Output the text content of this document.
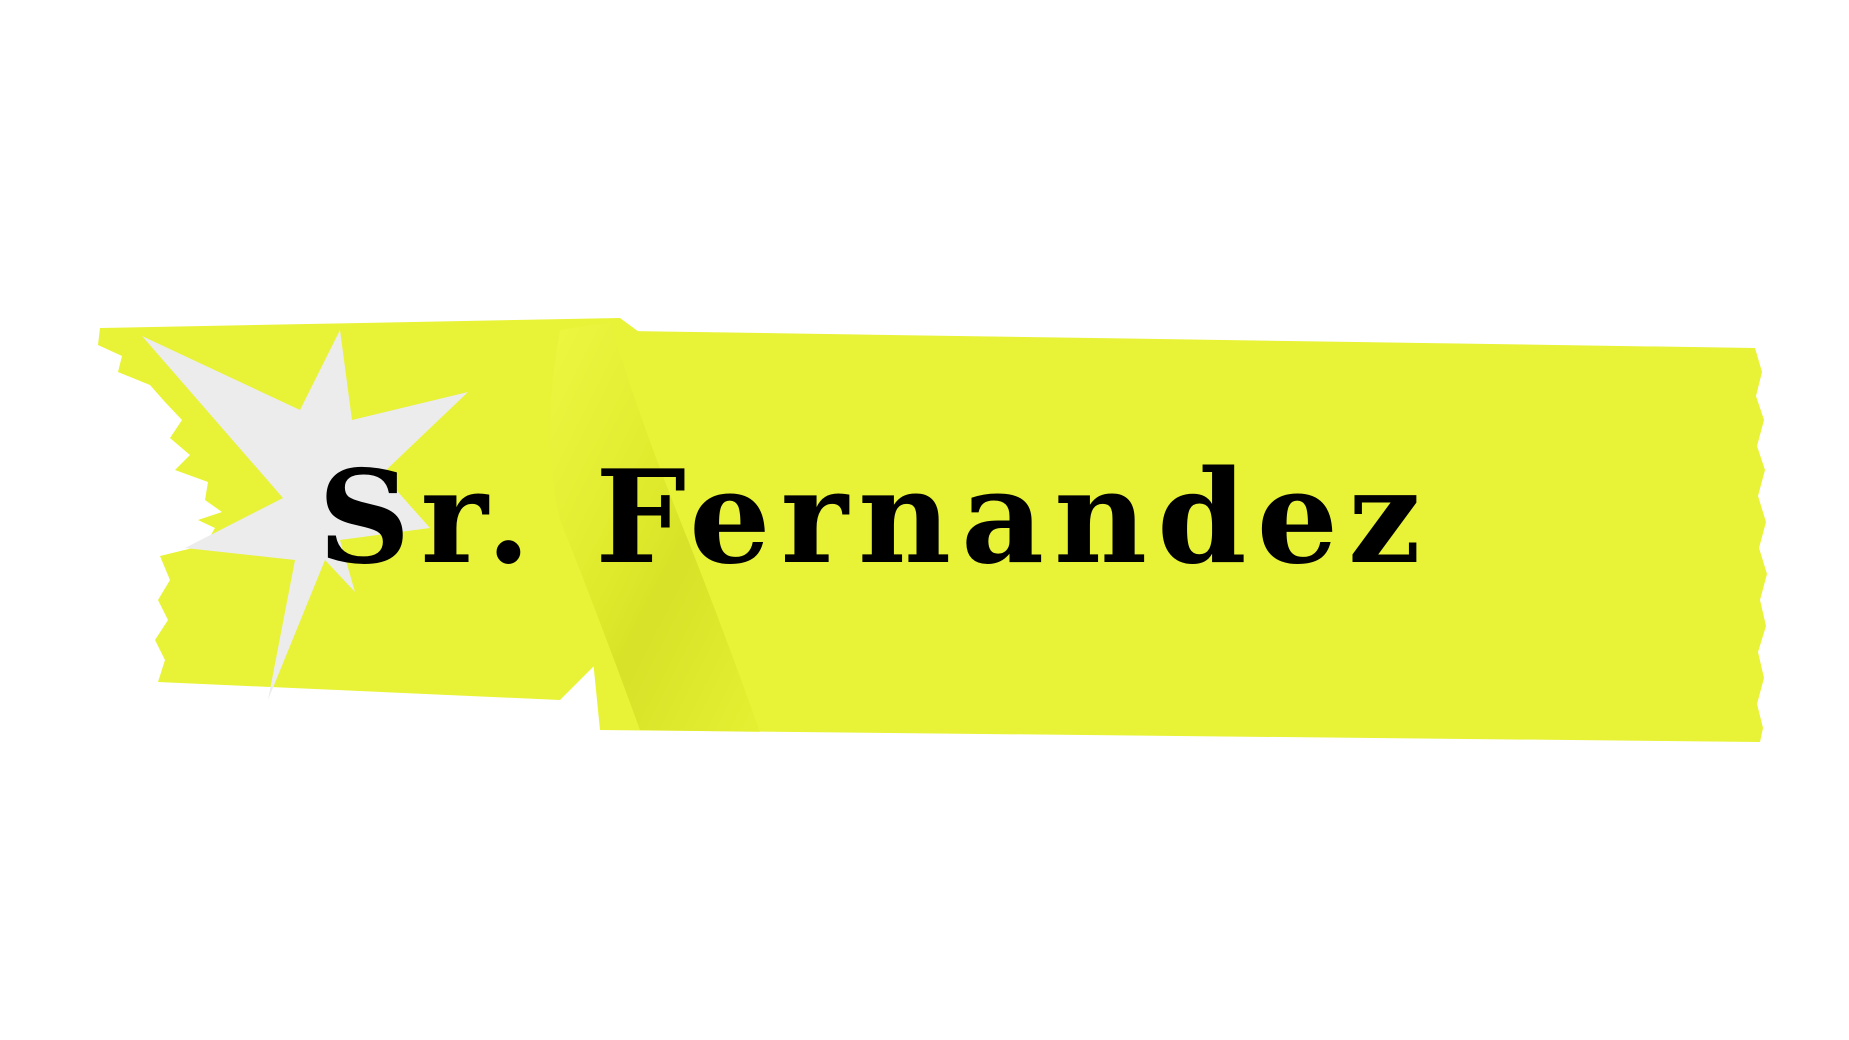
Sr. Fernandez
